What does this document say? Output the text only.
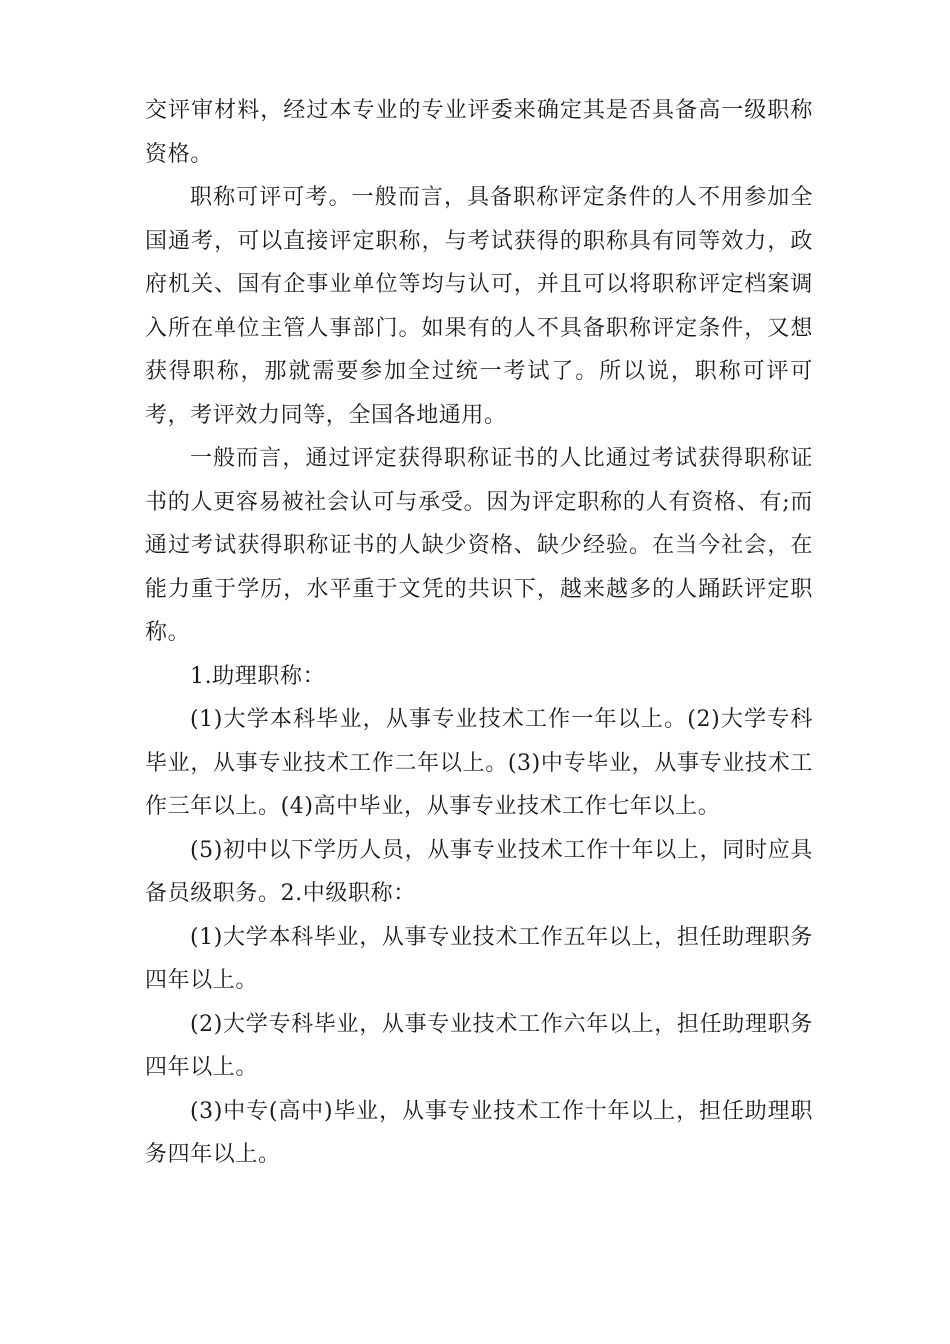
交评审材料，经过本专业的专业评委来确定其是否具备高一级职称资格。

职称可评可考。一般而言，具备职称评定条件的人不用参加全国通考，可以直接评定职称，与考试获得的职称具有同等效力，政府机关、国有企事业单位等均与认可，并且可以将职称评定档案调入所在单位主管人事部门。如果有的人不具备职称评定条件，又想获得职称，那就需要参加全过统一考试了。所以说，职称可评可考，考评效力同等，全国各地通用。

一般而言，通过评定获得职称证书的人比通过考试获得职称证书的人更容易被社会认可与承受。因为评定职称的人有资格、有;而通过考试获得职称证书的人缺少资格、缺少经验。在当今社会，在能力重于学历，水平重于文凭的共识下，越来越多的人踊跃评定职称。

1.助理职称：

(1)大学本科毕业，从事专业技术工作一年以上。(2)大学专科毕业，从事专业技术工作二年以上。(3)中专毕业，从事专业技术工作三年以上。(4)高中毕业，从事专业技术工作七年以上。

(5)初中以下学历人员，从事专业技术工作十年以上，同时应具备员级职务。2.中级职称：

(1)大学本科毕业，从事专业技术工作五年以上，担任助理职务四年以上。

(2)大学专科毕业，从事专业技术工作六年以上，担任助理职务四年以上。

(3)中专(高中)毕业，从事专业技术工作十年以上，担任助理职务四年以上。
